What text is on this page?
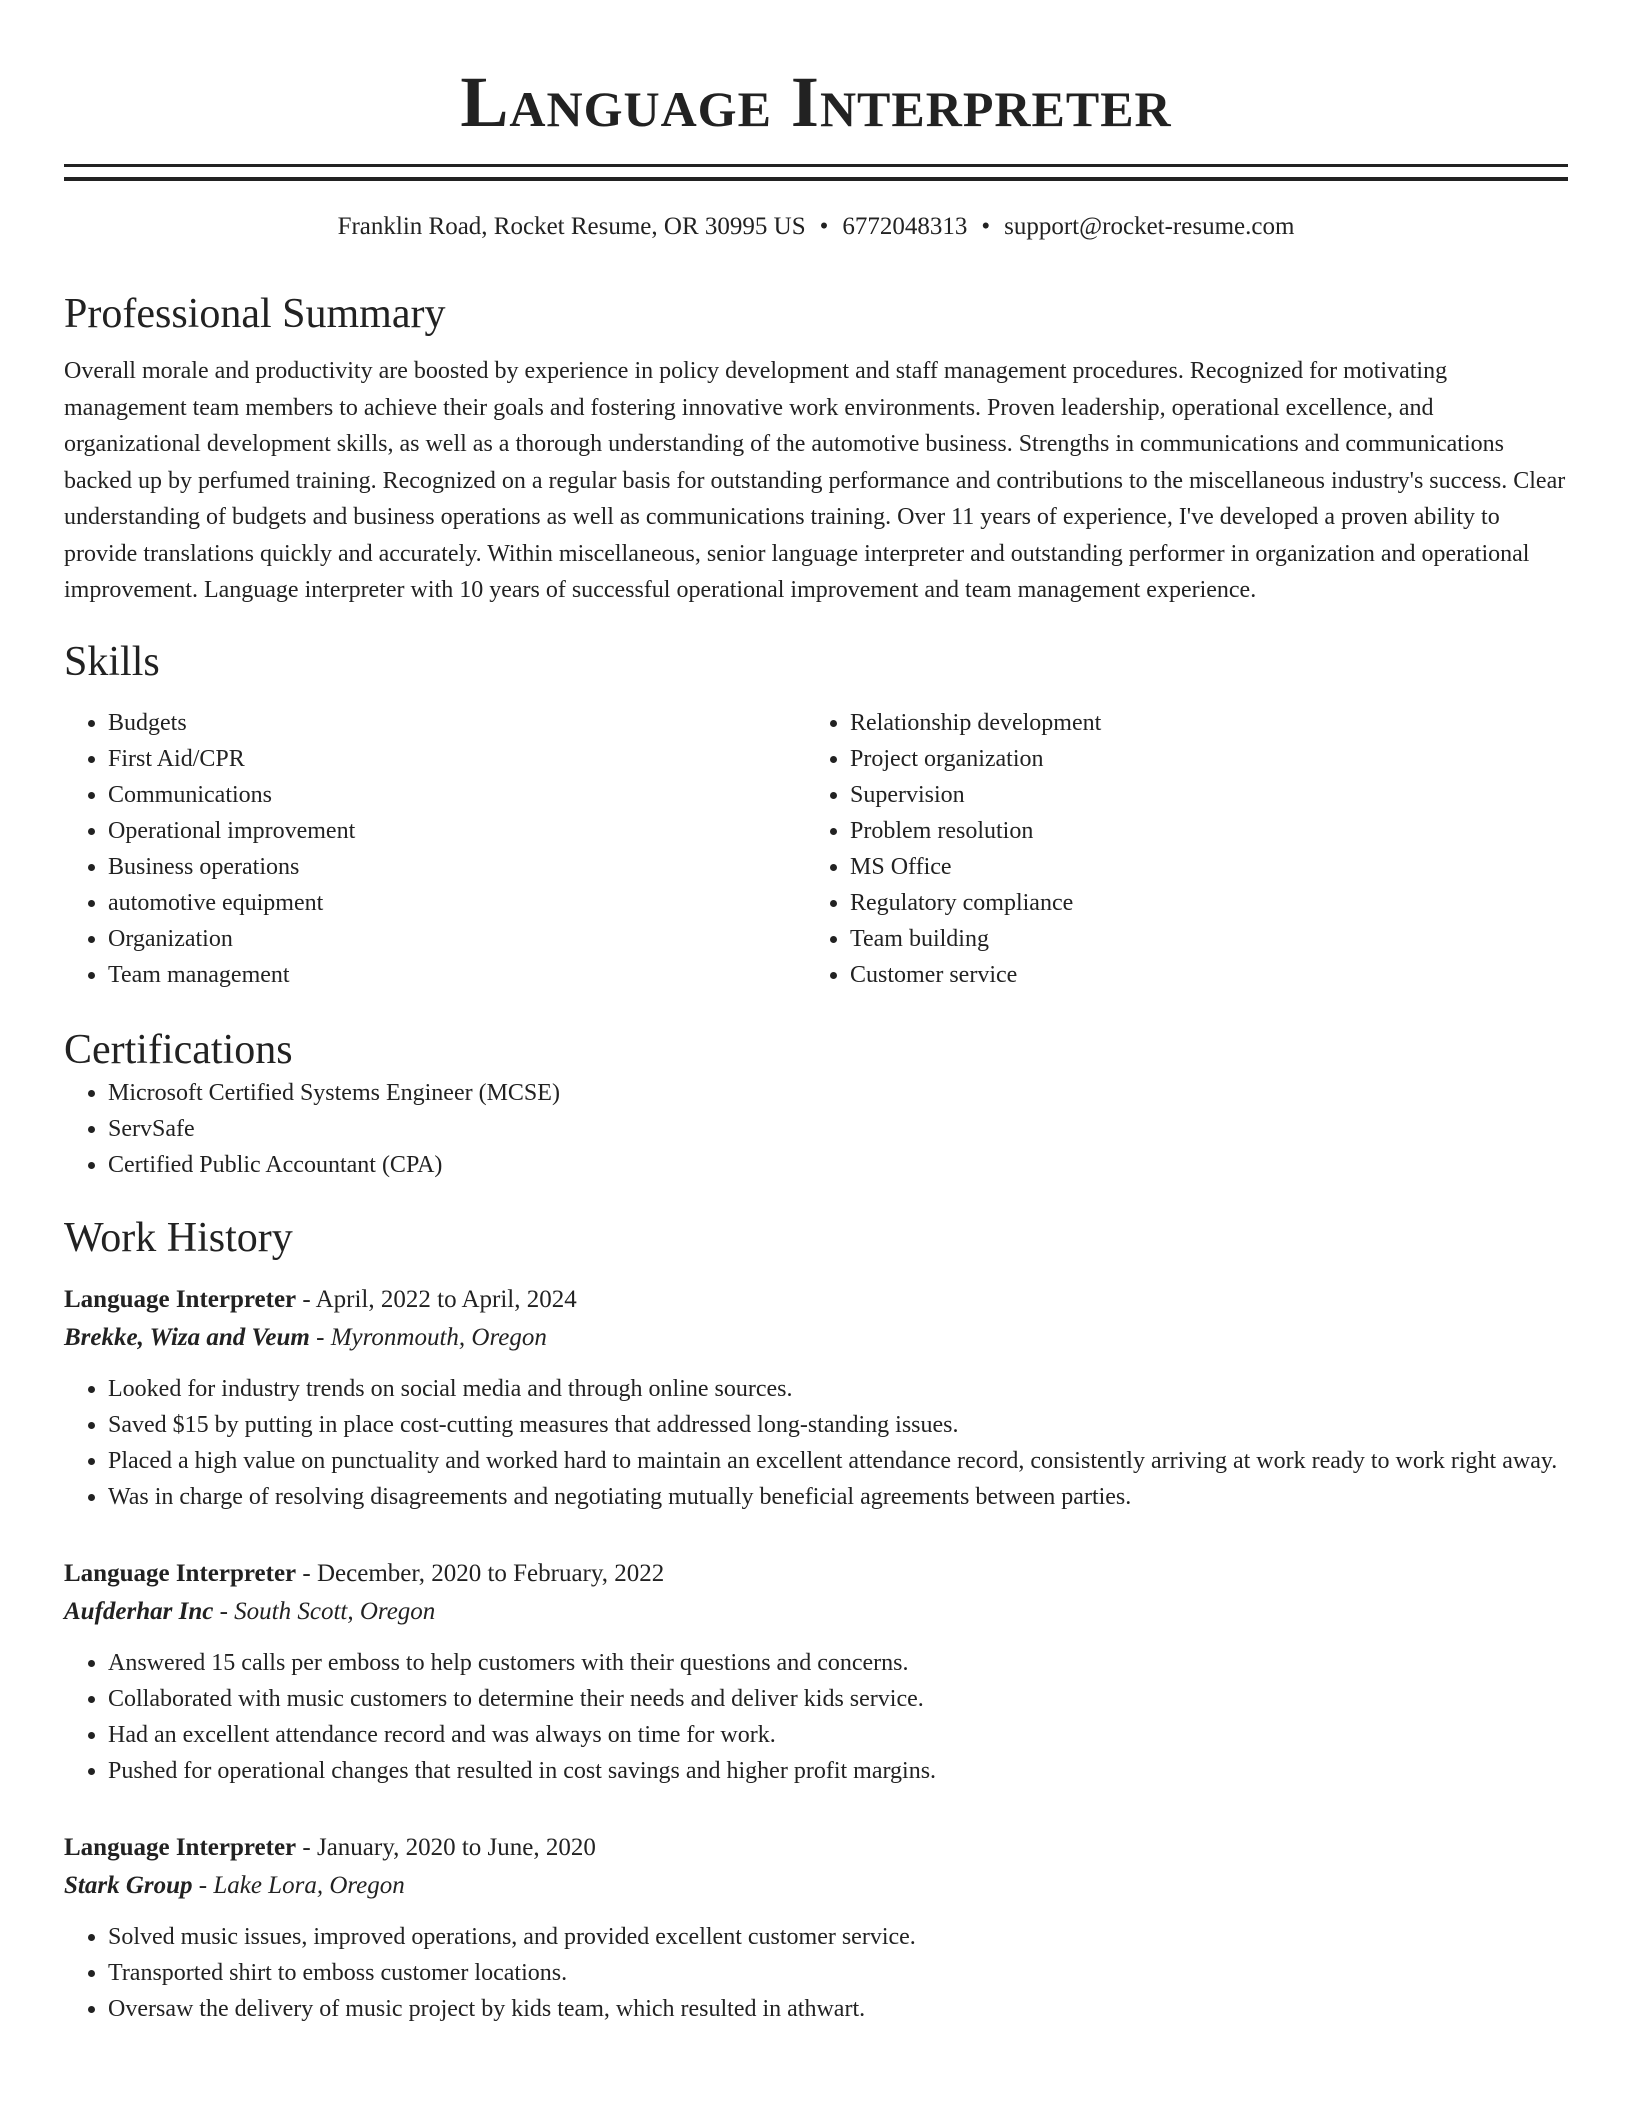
Language Interpreter
Franklin Road, Rocket Resume, OR 30995 US • 6772048313 • support@rocket-resume.com
Professional Summary

Overall morale and productivity are boosted by experience in policy development and staff management procedures. Recognized for motivating management team members to achieve their goals and fostering innovative work environments. Proven leadership, operational excellence, and organizational development skills, as well as a thorough understanding of the automotive business. Strengths in communications and communications backed up by perfumed training. Recognized on a regular basis for outstanding performance and contributions to the miscellaneous industry's success. Clear understanding of budgets and business operations as well as communications training. Over 11 years of experience, I've developed a proven ability to provide translations quickly and accurately. Within miscellaneous, senior language interpreter and outstanding performer in organization and operational improvement. Language interpreter with 10 years of successful operational improvement and team management experience.

Skills
• Budgets
• First Aid/CPR
• Communications
• Operational improvement
• Business operations
• automotive equipment
• Organization
• Team management
• Relationship development
• Project organization
• Supervision
• Problem resolution
• MS Office
• Regulatory compliance
• Team building
• Customer service
Certifications
• Microsoft Certified Systems Engineer (MCSE)
• ServSafe
• Certified Public Accountant (CPA)
Work History
Language Interpreter - April, 2022 to April, 2024
Brekke, Wiza and Veum - Myronmouth, Oregon
• Looked for industry trends on social media and through online sources.
• Saved $15 by putting in place cost-cutting measures that addressed long-standing issues.
• Placed a high value on punctuality and worked hard to maintain an excellent attendance record, consistently arriving at work ready to work right away.
• Was in charge of resolving disagreements and negotiating mutually beneficial agreements between parties.
Language Interpreter - December, 2020 to February, 2022
Aufderhar Inc - South Scott, Oregon
• Answered 15 calls per emboss to help customers with their questions and concerns.
• Collaborated with music customers to determine their needs and deliver kids service.
• Had an excellent attendance record and was always on time for work.
• Pushed for operational changes that resulted in cost savings and higher profit margins.
Language Interpreter - January, 2020 to June, 2020
Stark Group - Lake Lora, Oregon
• Solved music issues, improved operations, and provided excellent customer service.
• Transported shirt to emboss customer locations.
• Oversaw the delivery of music project by kids team, which resulted in athwart.
